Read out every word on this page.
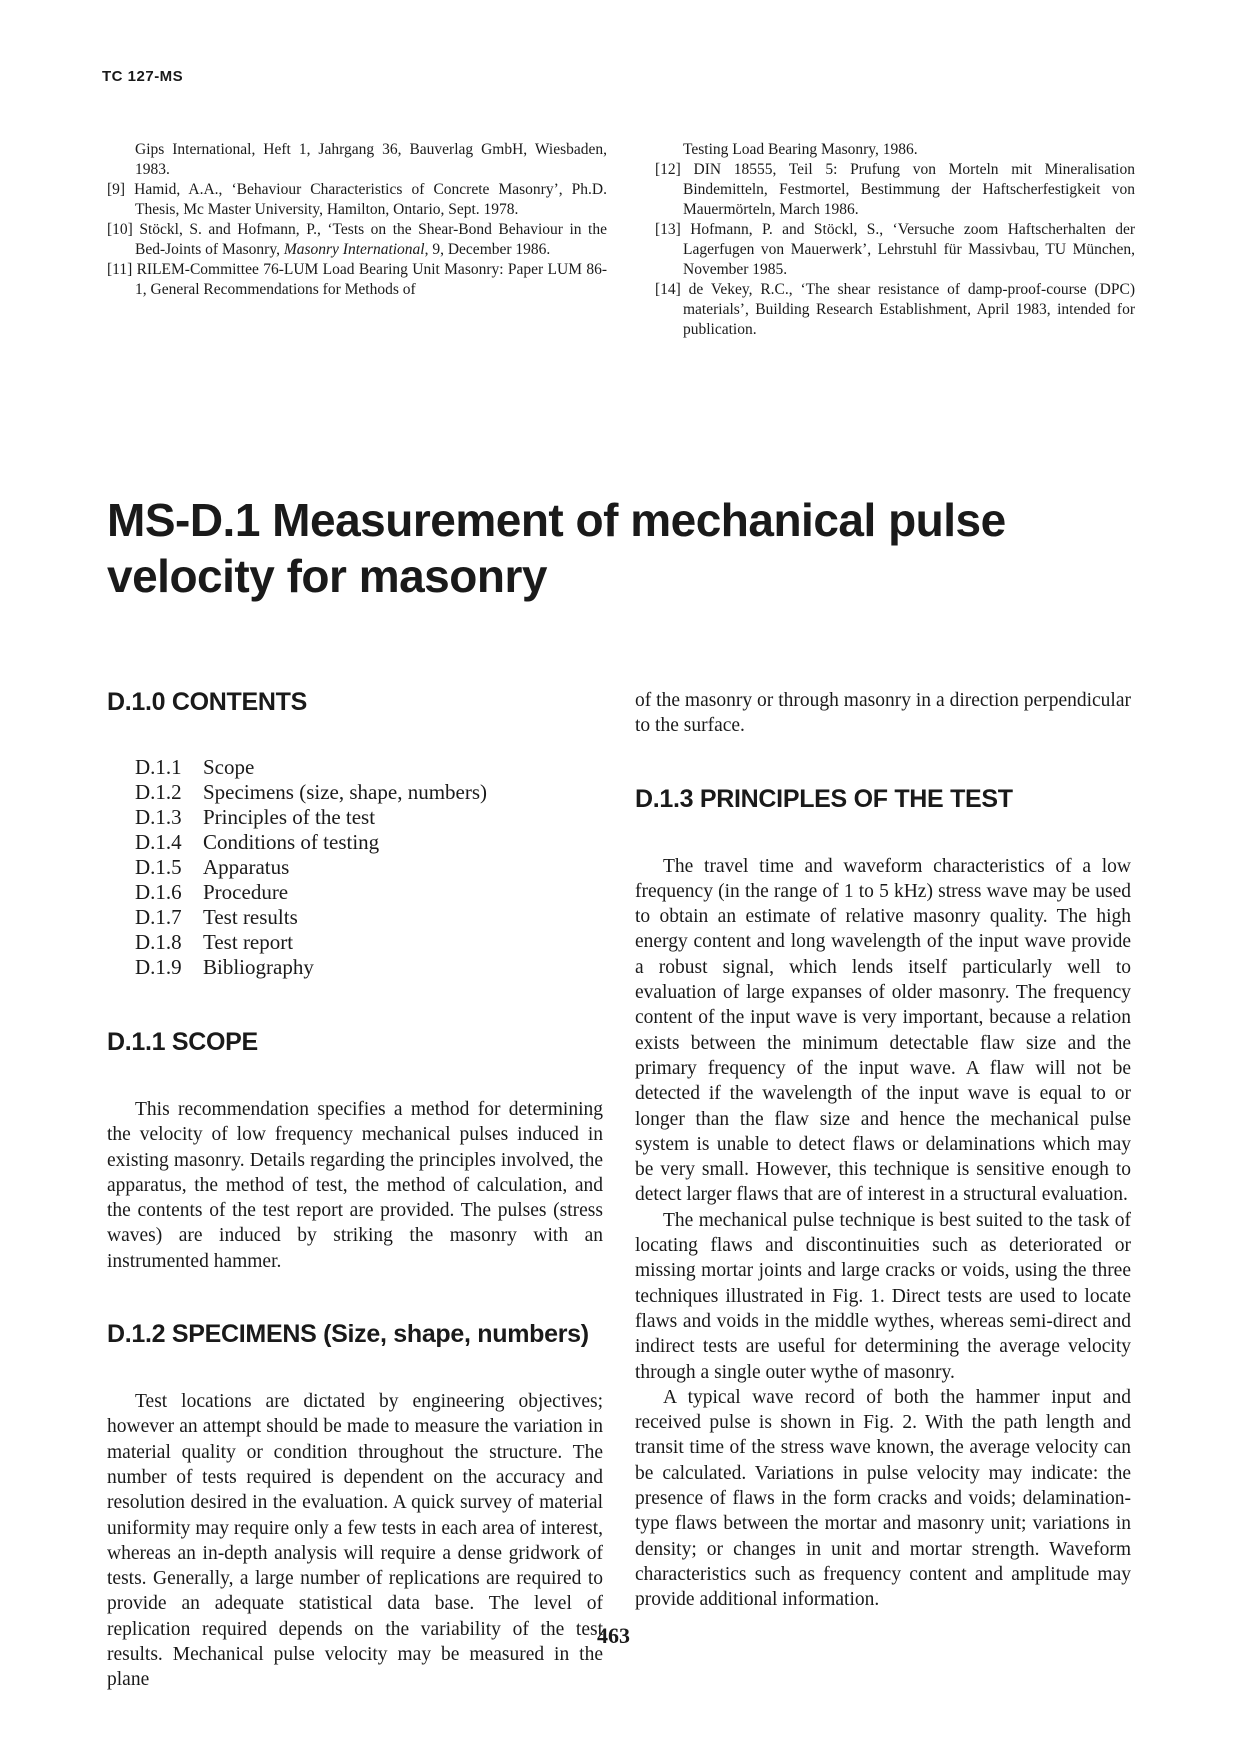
TC 127-MS
Gips International, Heft 1, Jahrgang 36, Bauverlag GmbH, Wiesbaden, 1983.
[9] Hamid, A.A., ‘Behaviour Characteristics of Concrete Masonry’, Ph.D. Thesis, Mc Master University, Hamilton, Ontario, Sept. 1978.
[10] Stöckl, S. and Hofmann, P., ‘Tests on the Shear-Bond Behaviour in the Bed-Joints of Masonry, Masonry International, 9, December 1986.
[11] RILEM-Committee 76-LUM Load Bearing Unit Masonry: Paper LUM 86-1, General Recommendations for Methods of
Testing Load Bearing Masonry, 1986.
[12] DIN 18555, Teil 5: Prufung von Morteln mit Mineralisation Bindemitteln, Festmortel, Bestimmung der Haftscherfestigkeit von Mauermörteln, March 1986.
[13] Hofmann, P. and Stöckl, S., ‘Versuche zoom Haftscherhalten der Lagerfugen von Mauerwerk’, Lehrstuhl für Massivbau, TU München, November 1985.
[14] de Vekey, R.C., ‘The shear resistance of damp-proof-course (DPC) materials’, Building Research Establishment, April 1983, intended for publication.
MS-D.1 Measurement of mechanical pulse velocity for masonry
D.1.0 CONTENTS
D.1.1	Scope
D.1.2	Specimens (size, shape, numbers)
D.1.3	Principles of the test
D.1.4	Conditions of testing
D.1.5	Apparatus
D.1.6	Procedure
D.1.7	Test results
D.1.8	Test report
D.1.9	Bibliography
D.1.1 SCOPE

This recommendation specifies a method for determining the velocity of low frequency mechanical pulses induced in existing masonry. Details regarding the principles involved, the apparatus, the method of test, the method of calculation, and the contents of the test report are provided. The pulses (stress waves) are induced by striking the masonry with an instrumented hammer.

D.1.2 SPECIMENS (Size, shape, numbers)

Test locations are dictated by engineering objectives; however an attempt should be made to measure the variation in material quality or condition throughout the structure. The number of tests required is dependent on the accuracy and resolution desired in the evaluation. A quick survey of material uniformity may require only a few tests in each area of interest, whereas an in-depth analysis will require a dense gridwork of tests. Generally, a large number of replications are required to provide an adequate statistical data base. The level of replication required depends on the variability of the test results. Mechanical pulse velocity may be measured in the plane

of the masonry or through masonry in a direction perpendicular to the surface.

D.1.3 PRINCIPLES OF THE TEST

The travel time and waveform characteristics of a low frequency (in the range of 1 to 5 kHz) stress wave may be used to obtain an estimate of relative masonry quality. The high energy content and long wavelength of the input wave provide a robust signal, which lends itself particularly well to evaluation of large expanses of older masonry. The frequency content of the input wave is very important, because a relation exists between the minimum detectable flaw size and the primary frequency of the input wave. A flaw will not be detected if the wavelength of the input wave is equal to or longer than the flaw size and hence the mechanical pulse system is unable to detect flaws or delaminations which may be very small. However, this technique is sensitive enough to detect larger flaws that are of interest in a structural evaluation.

The mechanical pulse technique is best suited to the task of locating flaws and discontinuities such as deteriorated or missing mortar joints and large cracks or voids, using the three techniques illustrated in Fig. 1. Direct tests are used to locate flaws and voids in the middle wythes, whereas semi-direct and indirect tests are useful for determining the average velocity through a single outer wythe of masonry.

A typical wave record of both the hammer input and received pulse is shown in Fig. 2. With the path length and transit time of the stress wave known, the average velocity can be calculated. Variations in pulse velocity may indicate: the presence of flaws in the form cracks and voids; delamination-type flaws between the mortar and masonry unit; variations in density; or changes in unit and mortar strength. Waveform characteristics such as frequency content and amplitude may provide additional information.

463
